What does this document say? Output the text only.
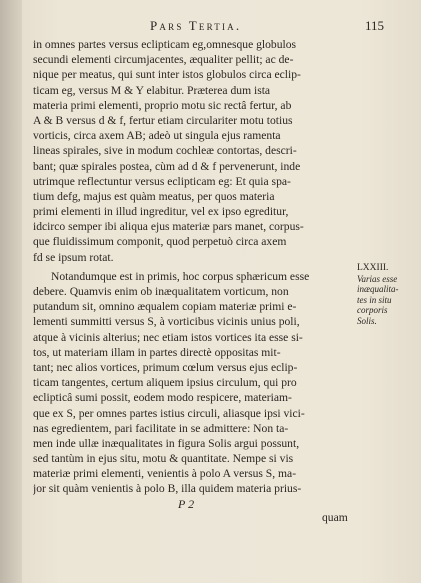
Pars Tertia.	115
in omnes partes versus eclipticam eg,omnesque globulos
secundi elementi circumjacentes, æqualiter pellit; ac de-
nique per meatus, qui sunt inter istos globulos circa eclip-
ticam eg, versus M & Y elabitur. Præterea dum ista
materia primi elementi, proprio motu sic rectâ fertur, ab
A & B versus d & f, fertur etiam circulariter motu totius
vorticis, circa axem AB; adeò ut singula ejus ramenta
lineas spirales, sive in modum cochleæ contortas, descri-
bant; quæ spirales postea, cùm ad d & f pervenerunt, inde
utrimque reflectuntur versus eclipticam eg: Et quia spa-
tium defg, majus est quàm meatus, per quos materia
primi elementi in illud ingreditur, vel ex ipso egreditur,
idcirco semper ibi aliqua ejus materiæ pars manet, corpus-
que fluidissimum componit, quod perpetuò circa axem
fd se ipsum rotat.
Notandumque est in primis, hoc corpus sphæricum esse
debere. Quamvis enim ob inæqualitatem vorticum, non
putandum sit, omnino æqualem copiam materiæ primi e-
lementi summitti versus S, à vorticibus vicinis unius poli,
atque à vicinis alterius; nec etiam istos vortices ita esse si-
tos, ut materiam illam in partes directè oppositas mit-
tant; nec alios vortices, primum cœlum versus ejus eclip-
ticam tangentes, certum aliquem ipsius circulum, qui pro
eclipticâ sumi possit, eodem modo respicere, materiam-
que ex S, per omnes partes istius circuli, aliasque ipsi vici-
nas egredientem, pari facilitate in se admittere: Non ta-
men inde ullæ inæqualitates in figura Solis argui possunt,
sed tantùm in ejus situ, motu & quantitate. Nempe si vis
materiæ primi elementi, venientis à polo A versus S, ma-
jor sit quàm venientis à polo B, illa quidem materia prius-
LXXIII.
Varias esse
inæqualita-
tes in situ
corporis
Solis.
P 2
quam
